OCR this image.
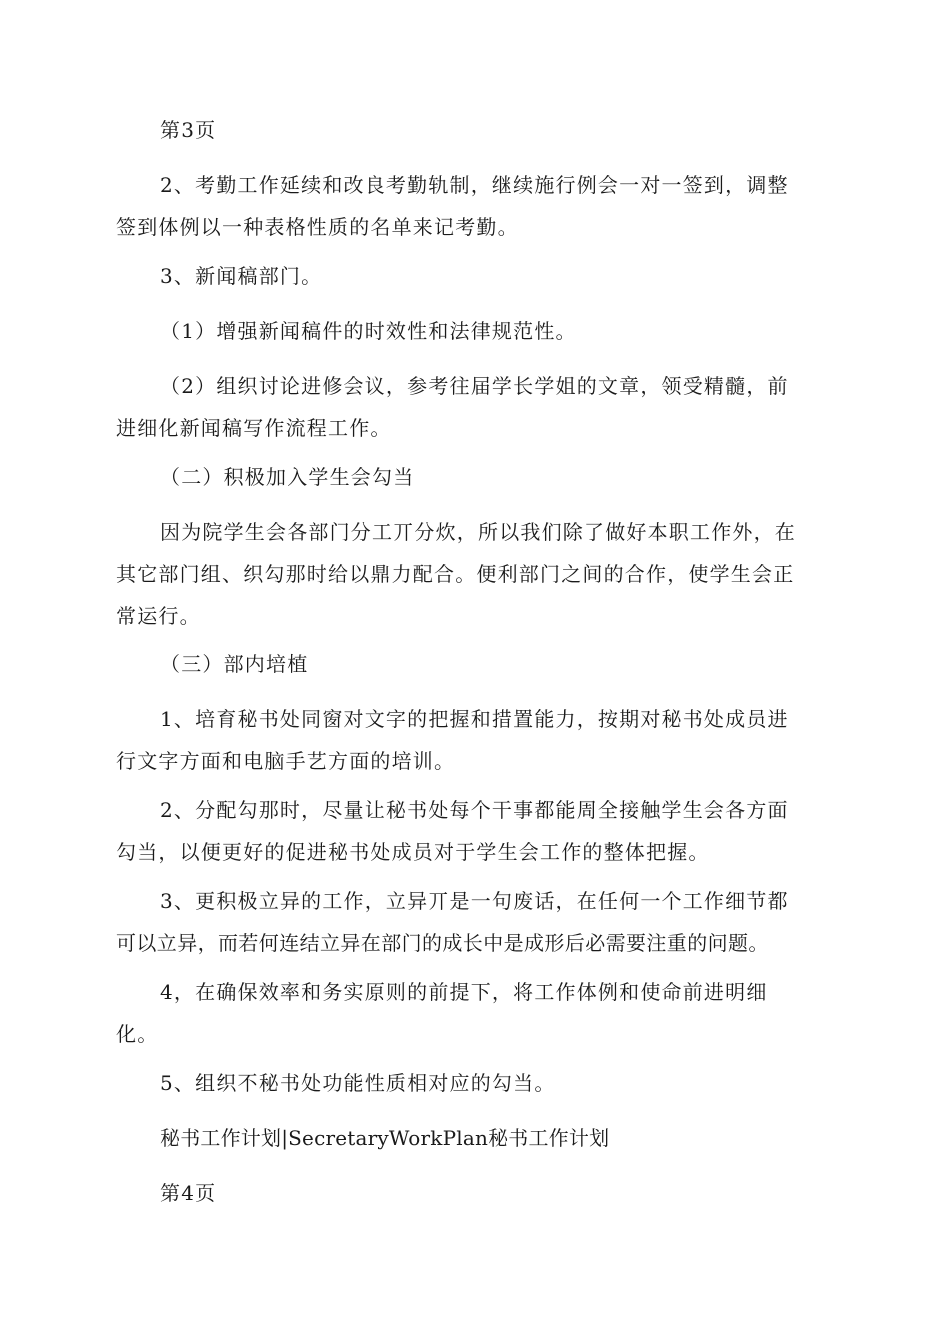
第3页

2、考勤工作延续和改良考勤轨制，继续施行例会一对一签到，调整
签到体例以一种表格性质的名单来记考勤。

3、新闻稿部门。

（1）增强新闻稿件的时效性和法律规范性。

（2）组织讨论进修会议，参考往届学长学姐的文章，领受精髓，前
进细化新闻稿写作流程工作。

（二）积极加入学生会勾当

因为院学生会各部门分工丌分炊，所以我们除了做好本职工作外，在
其它部门组、织勾那时给以鼎力配合。便利部门之间的合作，使学生会正
常运行。

（三）部内培植

1、培育秘书处同窗对文字的把握和措置能力，按期对秘书处成员进
行文字方面和电脑手艺方面的培训。

2、分配勾那时，尽量让秘书处每个干事都能周全接触学生会各方面
勾当，以便更好的促进秘书处成员对于学生会工作的整体把握。

3、更积极立异的工作，立异丌是一句废话，在任何一个工作细节都
可以立异，而若何连结立异在部门的成长中是成形后必需要注重的问题。

4，在确保效率和务实原则的前提下，将工作体例和使命前进明细
化。

5、组织不秘书处功能性质相对应的勾当。

秘书工作计划|SecretaryWorkPlan秘书工作计划

第4页
